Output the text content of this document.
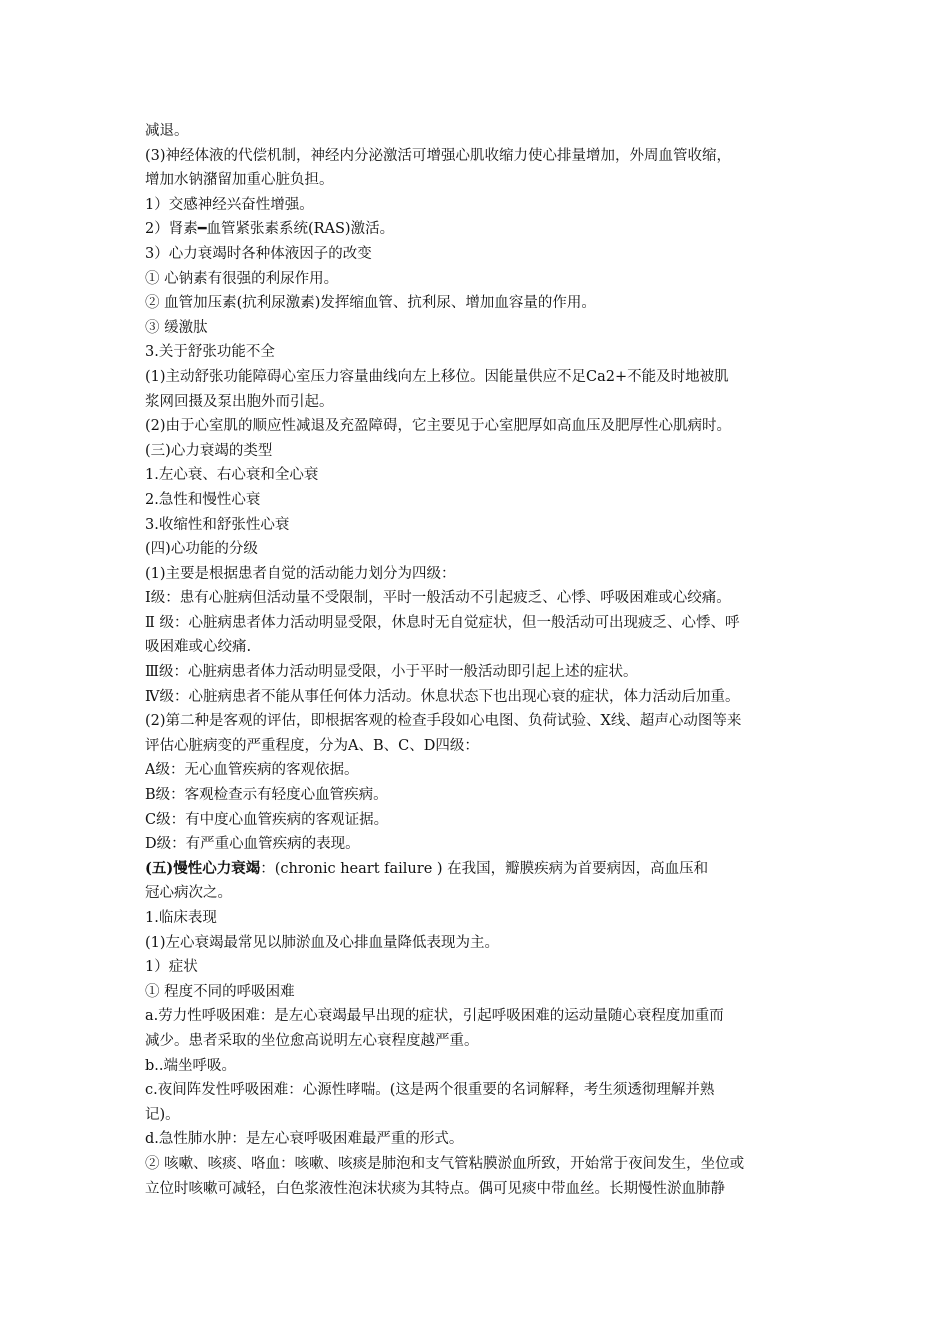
减退。
(3)神经体液的代偿机制，神经内分泌激活可增强心肌收缩力使心排量增加，外周血管收缩，
增加水钠潴留加重心脏负担。
1）交感神经兴奋性增强。
2）肾素━血管紧张素系统(RAS)激活。
3）心力衰竭时各种体液因子的改变
① 心钠素有很强的利尿作用。
② 血管加压素(抗利尿激素)发挥缩血管、抗利尿、增加血容量的作用。
③ 缓激肽
3.关于舒张功能不全
(1)主动舒张功能障碍心室压力容量曲线向左上移位。因能量供应不足Ca2+不能及时地被肌
浆网回摄及泵出胞外而引起。
(2)由于心室肌的顺应性减退及充盈障碍，它主要见于心室肥厚如高血压及肥厚性心肌病时。
(三)心力衰竭的类型
1.左心衰、右心衰和全心衰
2.急性和慢性心衰
3.收缩性和舒张性心衰
(四)心功能的分级
(1)主要是根据患者自觉的活动能力划分为四级：
Ⅰ级：患有心脏病但活动量不受限制，平时一般活动不引起疲乏、心悸、呼吸困难或心绞痛。
Ⅱ 级：心脏病患者体力活动明显受限，休息时无自觉症状，但一般活动可出现疲乏、心悸、呼
吸困难或心绞痛.
Ⅲ级：心脏病患者体力活动明显受限，小于平时一般活动即引起上述的症状。
Ⅳ级：心脏病患者不能从事任何体力活动。休息状态下也出现心衰的症状，体力活动后加重。
(2)第二种是客观的评估，即根据客观的检查手段如心电图、负荷试验、X线、超声心动图等来
评估心脏病变的严重程度，分为A、B、C、D四级：
A级：无心血管疾病的客观依据。
B级：客观检查示有轻度心血管疾病。
C级：有中度心血管疾病的客观证据。
D级：有严重心血管疾病的表现。
(五)慢性心力衰竭：(chronic heart failure ) 在我国，瓣膜疾病为首要病因，高血压和
冠心病次之。
1.临床表现
(1)左心衰竭最常见以肺淤血及心排血量降低表现为主。
1）症状
① 程度不同的呼吸困难
a.劳力性呼吸困难：是左心衰竭最早出现的症状，引起呼吸困难的运动量随心衰程度加重而
减少。患者采取的坐位愈高说明左心衰程度越严重。
b..端坐呼吸。
c.夜间阵发性呼吸困难：心源性哮喘。(这是两个很重要的名词解释，考生须透彻理解并熟
记)。
d.急性肺水肿：是左心衰呼吸困难最严重的形式。
② 咳嗽、咳痰、咯血：咳嗽、咳痰是肺泡和支气管粘膜淤血所致，开始常于夜间发生，坐位或
立位时咳嗽可减轻，白色浆液性泡沫状痰为其特点。偶可见痰中带血丝。长期慢性淤血肺静
